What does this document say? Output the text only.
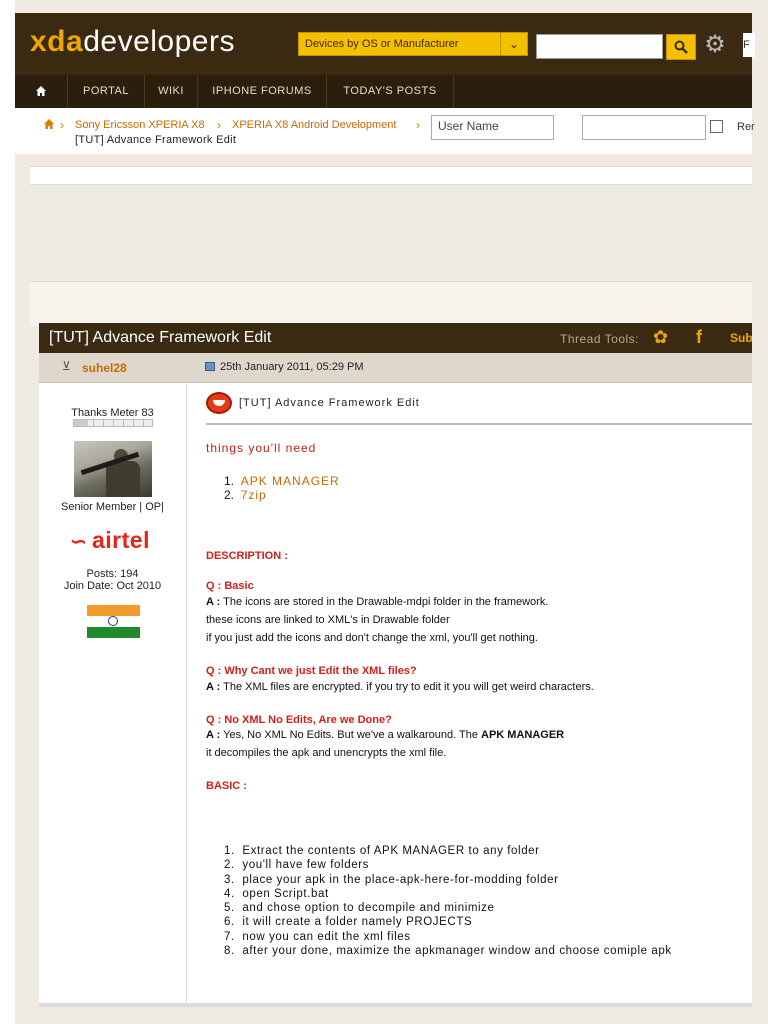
xdadevelopers	Devices by OS or Manufacturer	⌄	⚙ F
PORTAL	WIKI	IPHONE FORUMS	TODAY'S POSTS
› Sony Ericsson XPERIA X8 › XPERIA X8 Android Development ›
[TUT] Advance Framework Edit
User Name	Rer
[TUT] Advance Framework Edit	Thread Tools: ✿ f Sub
⊻ suhel28	25th January 2011, 05:29 PM
Thanks Meter 83
Senior Member | OP|
∽ airtel
Posts: 194
Join Date: Oct 2010
[TUT] Advance Framework Edit
things you'll need
1.  APK MANAGER
2.  7zip
DESCRIPTION :
Q : Basic
A : The icons are stored in the Drawable-mdpi folder in the framework.
these icons are linked to XML's in Drawable folder
if you just add the icons and don't change the xml, you'll get nothing.
Q : Why Cant we just Edit the XML files?
A : The XML files are encrypted. if you try to edit it you will get weird characters.
Q : No XML No Edits, Are we Done?
A : Yes, No XML No Edits. But we've a walkaround. The APK MANAGER
it decompiles the apk and unencrypts the xml file.
BASIC :
1.  Extract the contents of APK MANAGER to any folder
2.  you'll have few folders
3.  place your apk in the place-apk-here-for-modding folder
4.  open Script.bat
5.  and chose option to decompile and minimize
6.  it will create a folder namely PROJECTS
7.  now you can edit the xml files
8.  after your done, maximize the apkmanager window and choose comiple apk
